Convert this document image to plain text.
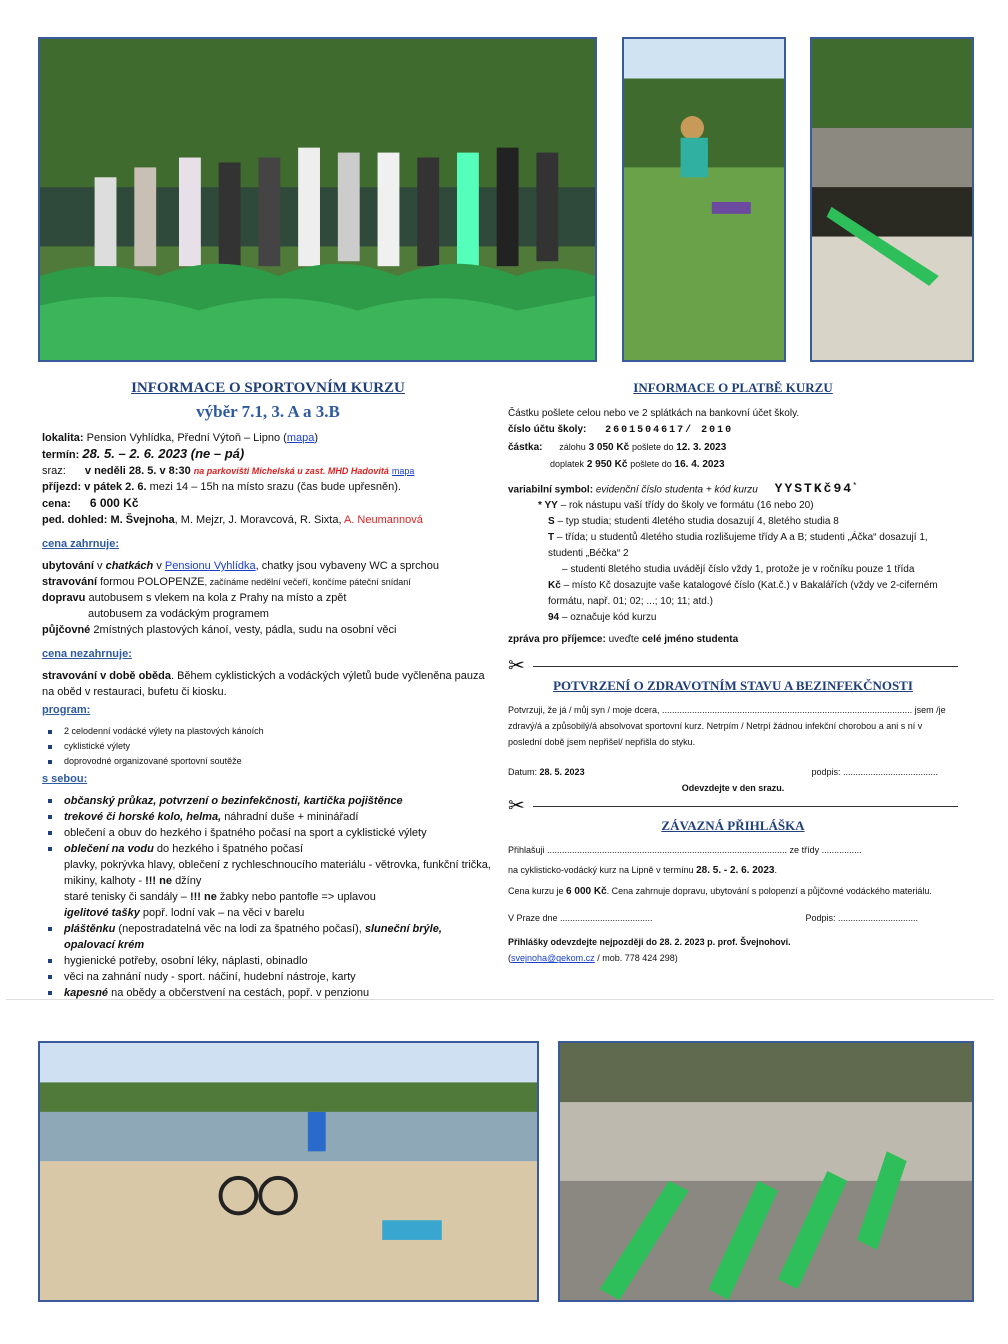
INFORMACE O SPORTOVNÍM KURZU
výběr 7.1, 3. A a 3.B
lokalita: Pension Vyhlídka, Přední Výtoň – Lipno (mapa)
termín: 28. 5. – 2. 6. 2023 (ne – pá)
sraz: v neděli 28. 5. v 8:30 na parkovišti Michelská u zast. MHD Hadovitá mapa
příjezd: v pátek 2. 6. mezi 14 – 15h na místo srazu (čas bude upřesněn).
cena: 6 000 Kč
ped. dohled: M. Švejnoha, M. Mejzr, J. Moravcová, R. Sixta, A. Neumannová
cena zahrnuje:
ubytování v chatkách v Pensionu Vyhlídka, chatky jsou vybaveny WC a sprchou
stravování formou POLOPENZE, začínáme nedělní večeří, končíme páteční snídaní
dopravu autobusem s vlekem na kola z Prahy na místo a zpět
autobusem za vodáckým programem
půjčovné 2místných plastových kánoí, vesty, pádla, sudu na osobní věci
cena nezahrnuje:
stravování v době oběda. Během cyklistických a vodáckých výletů bude vyčleněna pauza na oběd v restauraci, bufetu či kiosku.
program:
2 celodenní vodácké výlety na plastových kánoích
cyklistické výlety
doprovodné organizované sportovní soutěže
s sebou:
občanský průkaz, potvrzení o bezinfekčnosti, kartička pojištěnce
trekové či horské kolo, helma, náhradní duše + mininářadí
oblečení a obuv do hezkého i špatného počasí na sport a cyklistické výlety
oblečení na vodu do hezkého i špatného počasí
plavky, pokrývka hlavy, oblečení z rychleschnoucího materiálu - větrovka, funkční trička, mikiny, kalhoty - !!! ne džíny
staré tenisky či sandály – !!! ne žabky nebo pantofle => uplavou
igelitové tašky popř. lodní vak – na věci v barelu
pláštěnku (nepostradatelná věc na lodi za špatného počasí), sluneční brýle, opalovací krém
hygienické potřeby, osobní léky, náplasti, obinadlo
věci na zahnání nudy - sport. náčiní, hudební nástroje, karty
kapesné na obědy a občerstvení na cestách, popř. v penzionu
INFORMACE O PLATBĚ KURZU
Částku pošlete celou nebo ve 2 splátkách na bankovní účet školy.
číslo účtu školy: 2601504617/ 2010
částka: zálohu 3 050 Kč pošlete do 12. 3. 2023
doplatek 2 950 Kč pošlete do 16. 4. 2023
variabilní symbol: evidenční číslo studenta + kód kurzu YYSTKč94*
* YY – rok nástupu vaší třídy do školy ve formátu (16 nebo 20)
S – typ studia; studenti 4letého studia dosazují 4, 8letého studia 8
T – třída; u studentů 4letého studia rozlišujeme třídy A a B; studenti „Áčka“ dosazují 1, studenti „Béčka“ 2
– studenti 8letého studia uvádějí číslo vždy 1, protože je v ročníku pouze 1 třída
Kč – místo Kč dosazujte vaše katalogové číslo (Kat.č.) v Bakalářích (vždy ve 2-ciferném formátu, např. 01; 02; ...; 10; 11; atd.)
94 – označuje kód kurzu
zpráva pro příjemce: uveďte celé jméno studenta
✂
POTVRZENÍ O ZDRAVOTNÍM STAVU A BEZINFEKČNOSTI
Potvrzuji, že já / můj syn / moje dcera, .................................................................................................... jsem /je zdravý/á a způsobilý/á absolvovat sportovní kurz. Netrpím / Netrpí žádnou infekční chorobou a ani s ní v poslední době jsem nepřišel/ nepřišla do styku.
Datum: 28. 5. 2023	podpis: ......................................
Odevzdejte v den srazu.
✂
ZÁVAZNÁ PŘIHLÁŠKA
Přihlašuji ................................................................................................ ze třídy ................
na cyklisticko-vodácký kurz na Lipně v termínu 28. 5. - 2. 6. 2023.
Cena kurzu je 6 000 Kč. Cena zahrnuje dopravu, ubytování s polopenzí a půjčovné vodáckého materiálu.
V Praze dne .....................................	Podpis: ................................
Přihlášky odevzdejte nejpozději do 28. 2. 2023 p. prof. Švejnohovi.
(svejnoha@gekom.cz / mob. 778 424 298)
